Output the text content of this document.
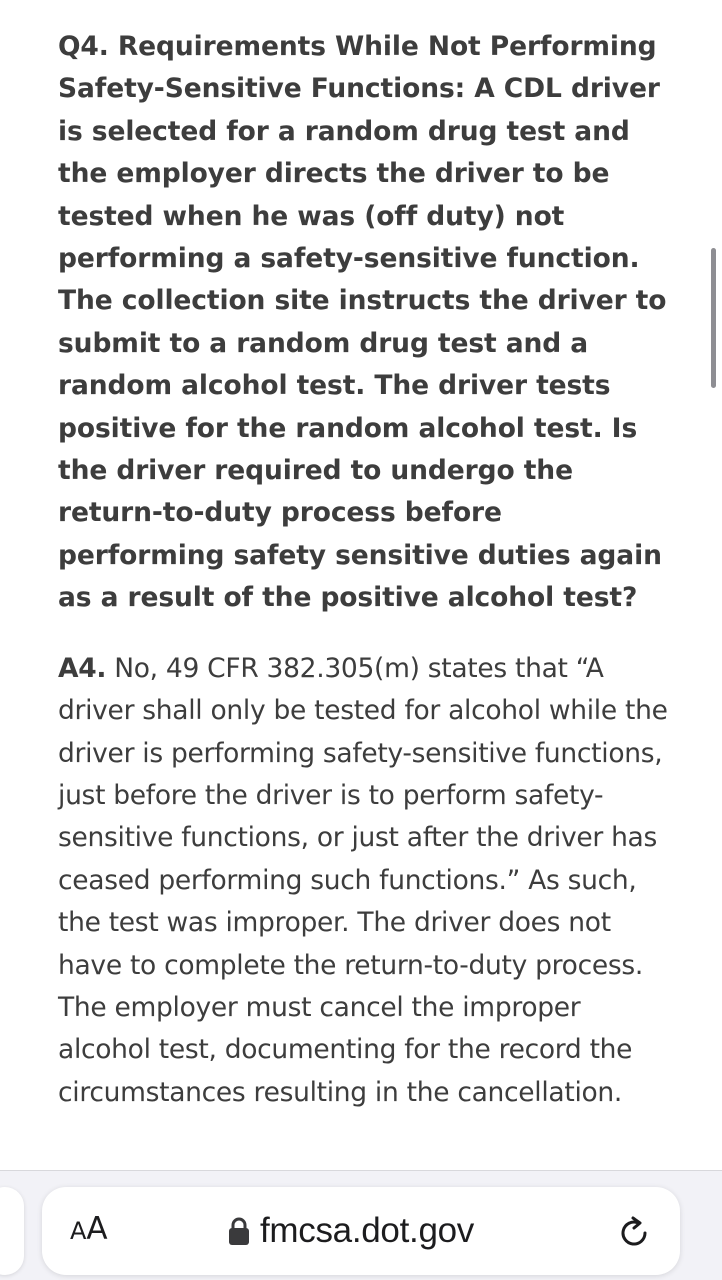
Q4. Requirements While Not Performing Safety-Sensitive Functions: A CDL driver is selected for a random drug test and the employer directs the driver to be tested when he was (off duty) not performing a safety-sensitive function. The collection site instructs the driver to submit to a random drug test and a random alcohol test. The driver tests positive for the random alcohol test. Is the driver required to undergo the return-to-duty process before performing safety sensitive duties again as a result of the positive alcohol test?

A4. No, 49 CFR 382.305(m) states that “A driver shall only be tested for alcohol while the driver is performing safety-sensitive functions, just before the driver is to perform safety-sensitive functions, or just after the driver has ceased performing such functions.” As such, the test was improper. The driver does not have to complete the return-to-duty process. The employer must cancel the improper alcohol test, documenting for the record the circumstances resulting in the cancellation.

AA	fmcsa.dot.gov
